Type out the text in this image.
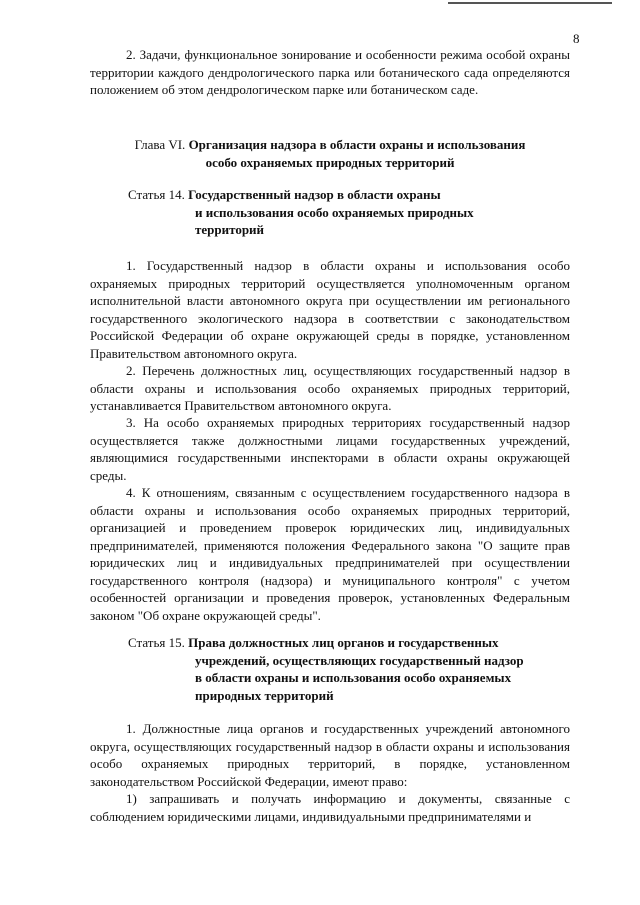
8

2. Задачи, функциональное зонирование и особенности режима особой охраны территории каждого дендрологического парка или ботанического сада определяются положением об этом дендрологическом парке или ботаническом саде.

Глава VI. Организация надзора в области охраны и использования
особо охраняемых природных территорий
Статья 14. Государственный надзор в области охраны
и использования особо охраняемых природных
территорий

1. Государственный надзор в области охраны и использования особо охраняемых природных территорий осуществляется уполномоченным органом исполнительной власти автономного округа при осуществлении им регионального государственного экологического надзора в соответствии с законодательством Российской Федерации об охране окружающей среды в порядке, установленном Правительством автономного округа.

2. Перечень должностных лиц, осуществляющих государственный надзор в области охраны и использования особо охраняемых природных территорий, устанавливается Правительством автономного округа.

3. На особо охраняемых природных территориях государственный надзор осуществляется также должностными лицами государственных учреждений, являющимися государственными инспекторами в области охраны окружающей среды.

4. К отношениям, связанным с осуществлением государственного надзора в области охраны и использования особо охраняемых природных территорий, организацией и проведением проверок юридических лиц, индивидуальных предпринимателей, применяются положения Федерального закона "О защите прав юридических лиц и индивидуальных предпринимателей при осуществлении государственного контроля (надзора) и муниципального контроля" с учетом особенностей организации и проведения проверок, установленных Федеральным законом "Об охране окружающей среды".

Статья 15. Права должностных лиц органов и государственных
учреждений, осуществляющих государственный надзор
в области охраны и использования особо охраняемых
природных территорий

1. Должностные лица органов и государственных учреждений автономного округа, осуществляющих государственный надзор в области охраны и использования особо охраняемых природных территорий, в порядке, установленном законодательством Российской Федерации, имеют право:

1) запрашивать и получать информацию и документы, связанные с соблюдением юридическими лицами, индивидуальными предпринимателями и
